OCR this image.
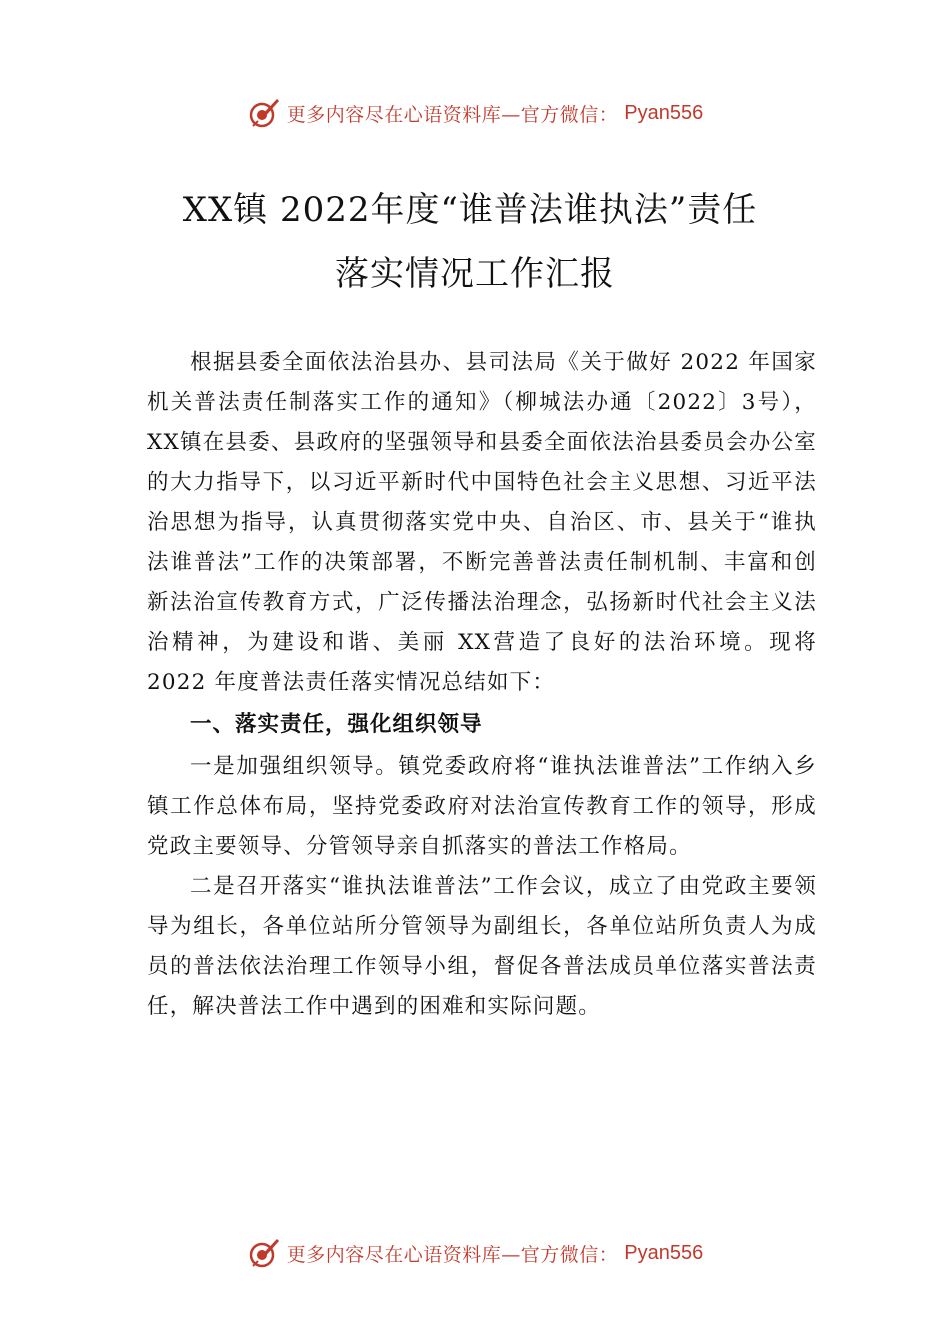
更多内容尽在心语资料库—官方微信： Pyan556
XX镇 2022年度“谁普法谁执法”责任
落实情况工作汇报

根据县委全面依法治县办、县司法局《关于做好 2022 年国家机关普法责任制落实工作的通知》（柳城法办通〔2022〕3号），XX镇在县委、县政府的坚强领导和县委全面依法治县委员会办公室的大力指导下，以习近平新时代中国特色社会主义思想、习近平法治思想为指导，认真贯彻落实党中央、自治区、市、县关于“谁执法谁普法”工作的决策部署，不断完善普法责任制机制、丰富和创新法治宣传教育方式，广泛传播法治理念，弘扬新时代社会主义法治精神，为建设和谐、美丽 XX营造了良好的法治环境。现将 2022 年度普法责任落实情况总结如下：

一、落实责任，强化组织领导

一是加强组织领导。镇党委政府将“谁执法谁普法”工作纳入乡镇工作总体布局，坚持党委政府对法治宣传教育工作的领导，形成党政主要领导、分管领导亲自抓落实的普法工作格局。

二是召开落实“谁执法谁普法”工作会议，成立了由党政主要领导为组长，各单位站所分管领导为副组长，各单位站所负责人为成员的普法依法治理工作领导小组，督促各普法成员单位落实普法责任，解决普法工作中遇到的困难和实际问题。

更多内容尽在心语资料库—官方微信： Pyan556
